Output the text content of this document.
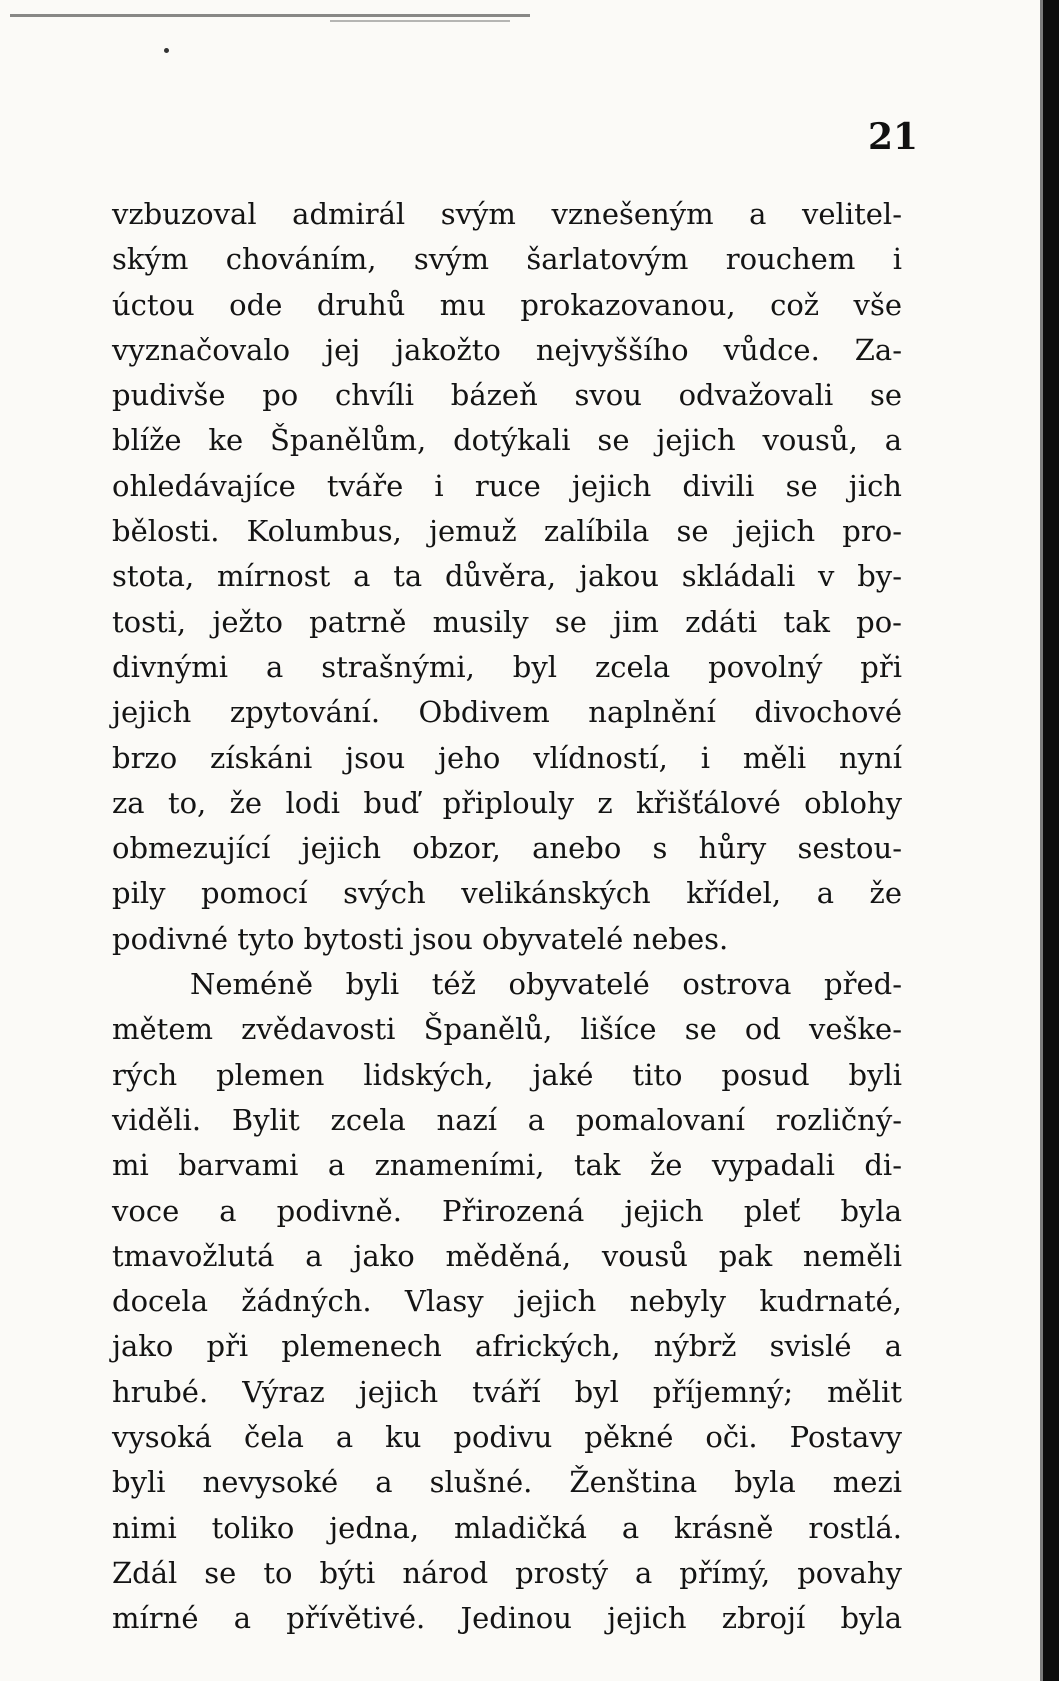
21
vzbuzoval admirál svým vznešeným a velitel-
ským chováním, svým šarlatovým rouchem i
úctou ode druhů mu prokazovanou, což vše
vyznačovalo jej jakožto nejvyššího vůdce. Za-
pudivše po chvíli bázeň svou odvažovali se
blíže ke Španělům, dotýkali se jejich vousů, a
ohledávajíce tváře i ruce jejich divili se jich
bělosti. Kolumbus, jemuž zalíbila se jejich pro-
stota, mírnost a ta důvěra, jakou skládali v by-
tosti, ježto patrně musily se jim zdáti tak po-
divnými a strašnými, byl zcela povolný při
jejich zpytování. Obdivem naplnění divochové
brzo získáni jsou jeho vlídností, i měli nyní
za to, že lodi buď připlouly z křišťálové oblohy
obmezující jejich obzor, anebo s hůry sestou-
pily pomocí svých velikánských křídel, a že
podivné tyto bytosti jsou obyvatelé nebes.
Neméně byli též obyvatelé ostrova před-
mětem zvědavosti Španělů, lišíce se od veške-
rých plemen lidských, jaké tito posud byli
viděli. Bylit zcela nazí a pomalovaní rozličný-
mi barvami a znameními, tak že vypadali di-
voce a podivně. Přirozená jejich pleť byla
tmavožlutá a jako měděná, vousů pak neměli
docela žádných. Vlasy jejich nebyly kudrnaté,
jako při plemenech afrických, nýbrž svislé a
hrubé. Výraz jejich tváří byl příjemný; mělit
vysoká čela a ku podivu pěkné oči. Postavy
byli nevysoké a slušné. Ženština byla mezi
nimi toliko jedna, mladičká a krásně rostlá.
Zdál se to býti národ prostý a přímý, povahy
mírné a přívětivé. Jedinou jejich zbrojí byla
